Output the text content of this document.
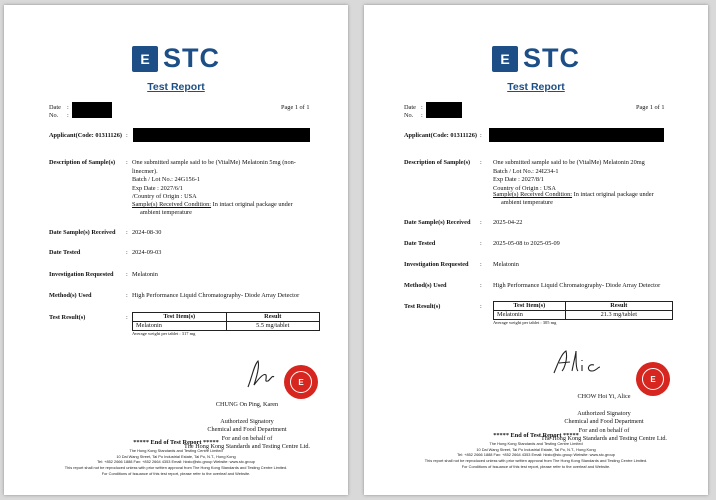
E STC
Test Report
Date :
No. :
Page 1 of 1
Applicant(Code: 01311126) :
Description of Sample(s) : One submitted sample said to be (VitalMe) Melatonin 5mg (non-
linecmer).
Batch / Lot No.: 24G156-1
Exp Date : 2027/6/1
/Country of Origin : USA
Sample(s) Received Condition: In intact original package under
ambient temperature
Date Sample(s) Received : 2024-08-30
Date Tested	: 2024-09-03
Investigation Requested : Melatonin
Method(s) Used	: High Performance Liquid Chromatography- Diode Array Detector
Test Result(s)	:	Test Item(s)	Result
Melatonin	5.5 mg/tablet
Average weight per tablet : 317 mg
E

CHUNG On Ping, Karen

Authorized Signatory
Chemical and Food Department
For and on behalf of
The Hong Kong Standards and Testing Centre Ltd.

***** End of Test Report *****
The Hong Kong Standards and Testing Centre Limited
10 Dai Wang Street, Tai Po Industrial Estate, Tai Po, N.T., Hong Kong
Tel: +852 2666 1888 Fax: +852 2664 4353 Email: hkstc@stc.group Website: www.stc.group
This report shall not be reproduced unless with prior written approval from The Hong Kong Standards and Testing Centre Limited.
For Conditions of Issuance of this test report, please refer to the overleaf and Website.
E STC
Test Report
Date :
No. :
Page 1 of 1
Applicant(Code: 01311126) :
Description of Sample(s) : One submitted sample said to be (VitalMe) Melatonin 20mg
Batch / Lot No.: 24I234-1
Exp Date : 2027/8/1
Country of Origin : USA
Sample(s) Received Condition: In intact original package under
ambient temperature
Date Sample(s) Received : 2025-04-22
Date Tested	: 2025-05-08 to 2025-05-09
Investigation Requested : Melatonin
Method(s) Used	: High Performance Liquid Chromatography- Diode Array Detector
Test Result(s)	:	Test Item(s)	Result
Melatonin	21.3 mg/tablet
Average weight per tablet : 305 mg
E

CHOW Hoi Yi, Alice

Authorized Signatory
Chemical and Food Department
For and on behalf of
The Hong Kong Standards and Testing Centre Ltd.

***** End of Test Report *****
The Hong Kong Standards and Testing Centre Limited
10 Dai Wang Street, Tai Po Industrial Estate, Tai Po, N.T., Hong Kong
Tel: +852 2666 1888 Fax: +852 2664 4353 Email: hkstc@stc.group Website: www.stc.group
This report shall not be reproduced unless with prior written approval from The Hong Kong Standards and Testing Centre Limited.
For Conditions of Issuance of this test report, please refer to the overleaf and Website.
